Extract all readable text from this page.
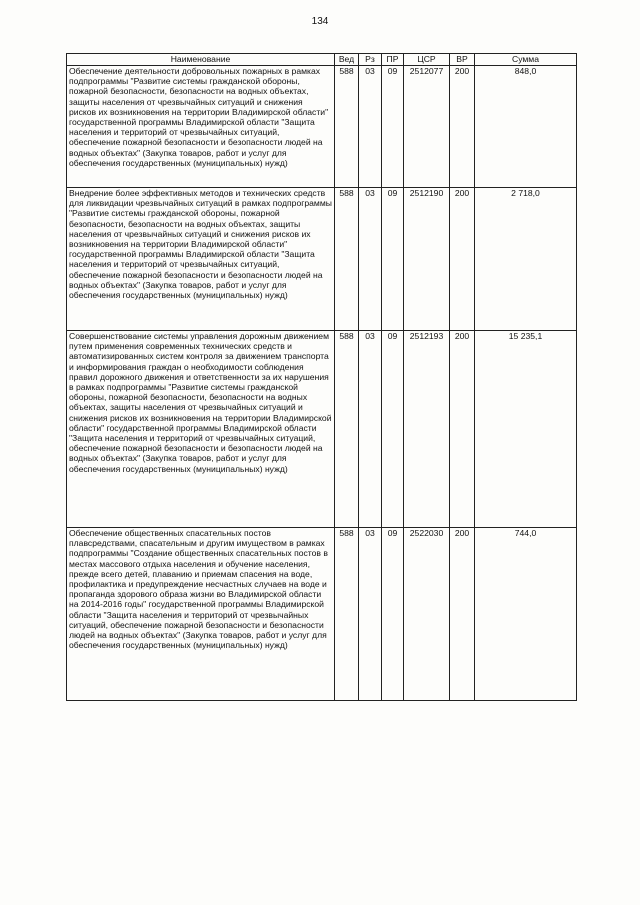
134
Наименование	Вед	Рз	ПР	ЦСР	ВР	Сумма
Обеспечение деятельности добровольных пожарных в рамках подпрограммы "Развитие системы гражданской обороны, пожарной безопасности, безопасности на водных объектах, защиты населения от чрезвычайных ситуаций и снижения рисков их возникновения на территории Владимирской области" государственной программы Владимирской области "Защита населения и территорий от чрезвычайных ситуаций, обеспечение пожарной безопасности и безопасности людей на водных объектах" (Закупка товаров, работ и услуг для обеспечения государственных (муниципальных) нужд)	588	03	09	2512077	200	848,0
Внедрение более эффективных методов и технических средств для ликвидации чрезвычайных ситуаций в рамках подпрограммы "Развитие системы гражданской обороны, пожарной безопасности, безопасности на водных объектах, защиты населения от чрезвычайных ситуаций и снижения рисков их возникновения на территории Владимирской области" государственной программы Владимирской области "Защита населения и территорий от чрезвычайных ситуаций, обеспечение пожарной безопасности и безопасности людей на водных объектах" (Закупка товаров, работ и услуг для обеспечения государственных (муниципальных) нужд)	588	03	09	2512190	200	2 718,0
Совершенствование системы управления дорожным движением путем применения современных технических средств и автоматизированных систем контроля за движением транспорта и информирования граждан о необходимости соблюдения правил дорожного движения и ответственности за их нарушения в рамках подпрограммы "Развитие системы гражданской обороны, пожарной безопасности, безопасности на водных объектах, защиты населения от чрезвычайных ситуаций и снижения рисков их возникновения на территории Владимирской области" государственной программы Владимирской области "Защита населения и территорий от чрезвычайных ситуаций, обеспечение пожарной безопасности и безопасности людей на водных объектах" (Закупка товаров, работ и услуг для обеспечения государственных (муниципальных) нужд)	588	03	09	2512193	200	15 235,1
Обеспечение общественных спасательных постов плавсредствами, спасательным и другим имуществом в рамках подпрограммы "Создание общественных спасательных постов в местах массового отдыха населения и обучение населения, прежде всего детей, плаванию и приемам спасения на воде, профилактика и предупреждение несчастных случаев на воде и пропаганда здорового образа жизни во Владимирской области на 2014-2016 годы" государственной программы Владимирской области "Защита населения и территорий от чрезвычайных ситуаций, обеспечение пожарной безопасности и безопасности людей на водных объектах" (Закупка товаров, работ и услуг для обеспечения государственных (муниципальных) нужд)	588	03	09	2522030	200	744,0
